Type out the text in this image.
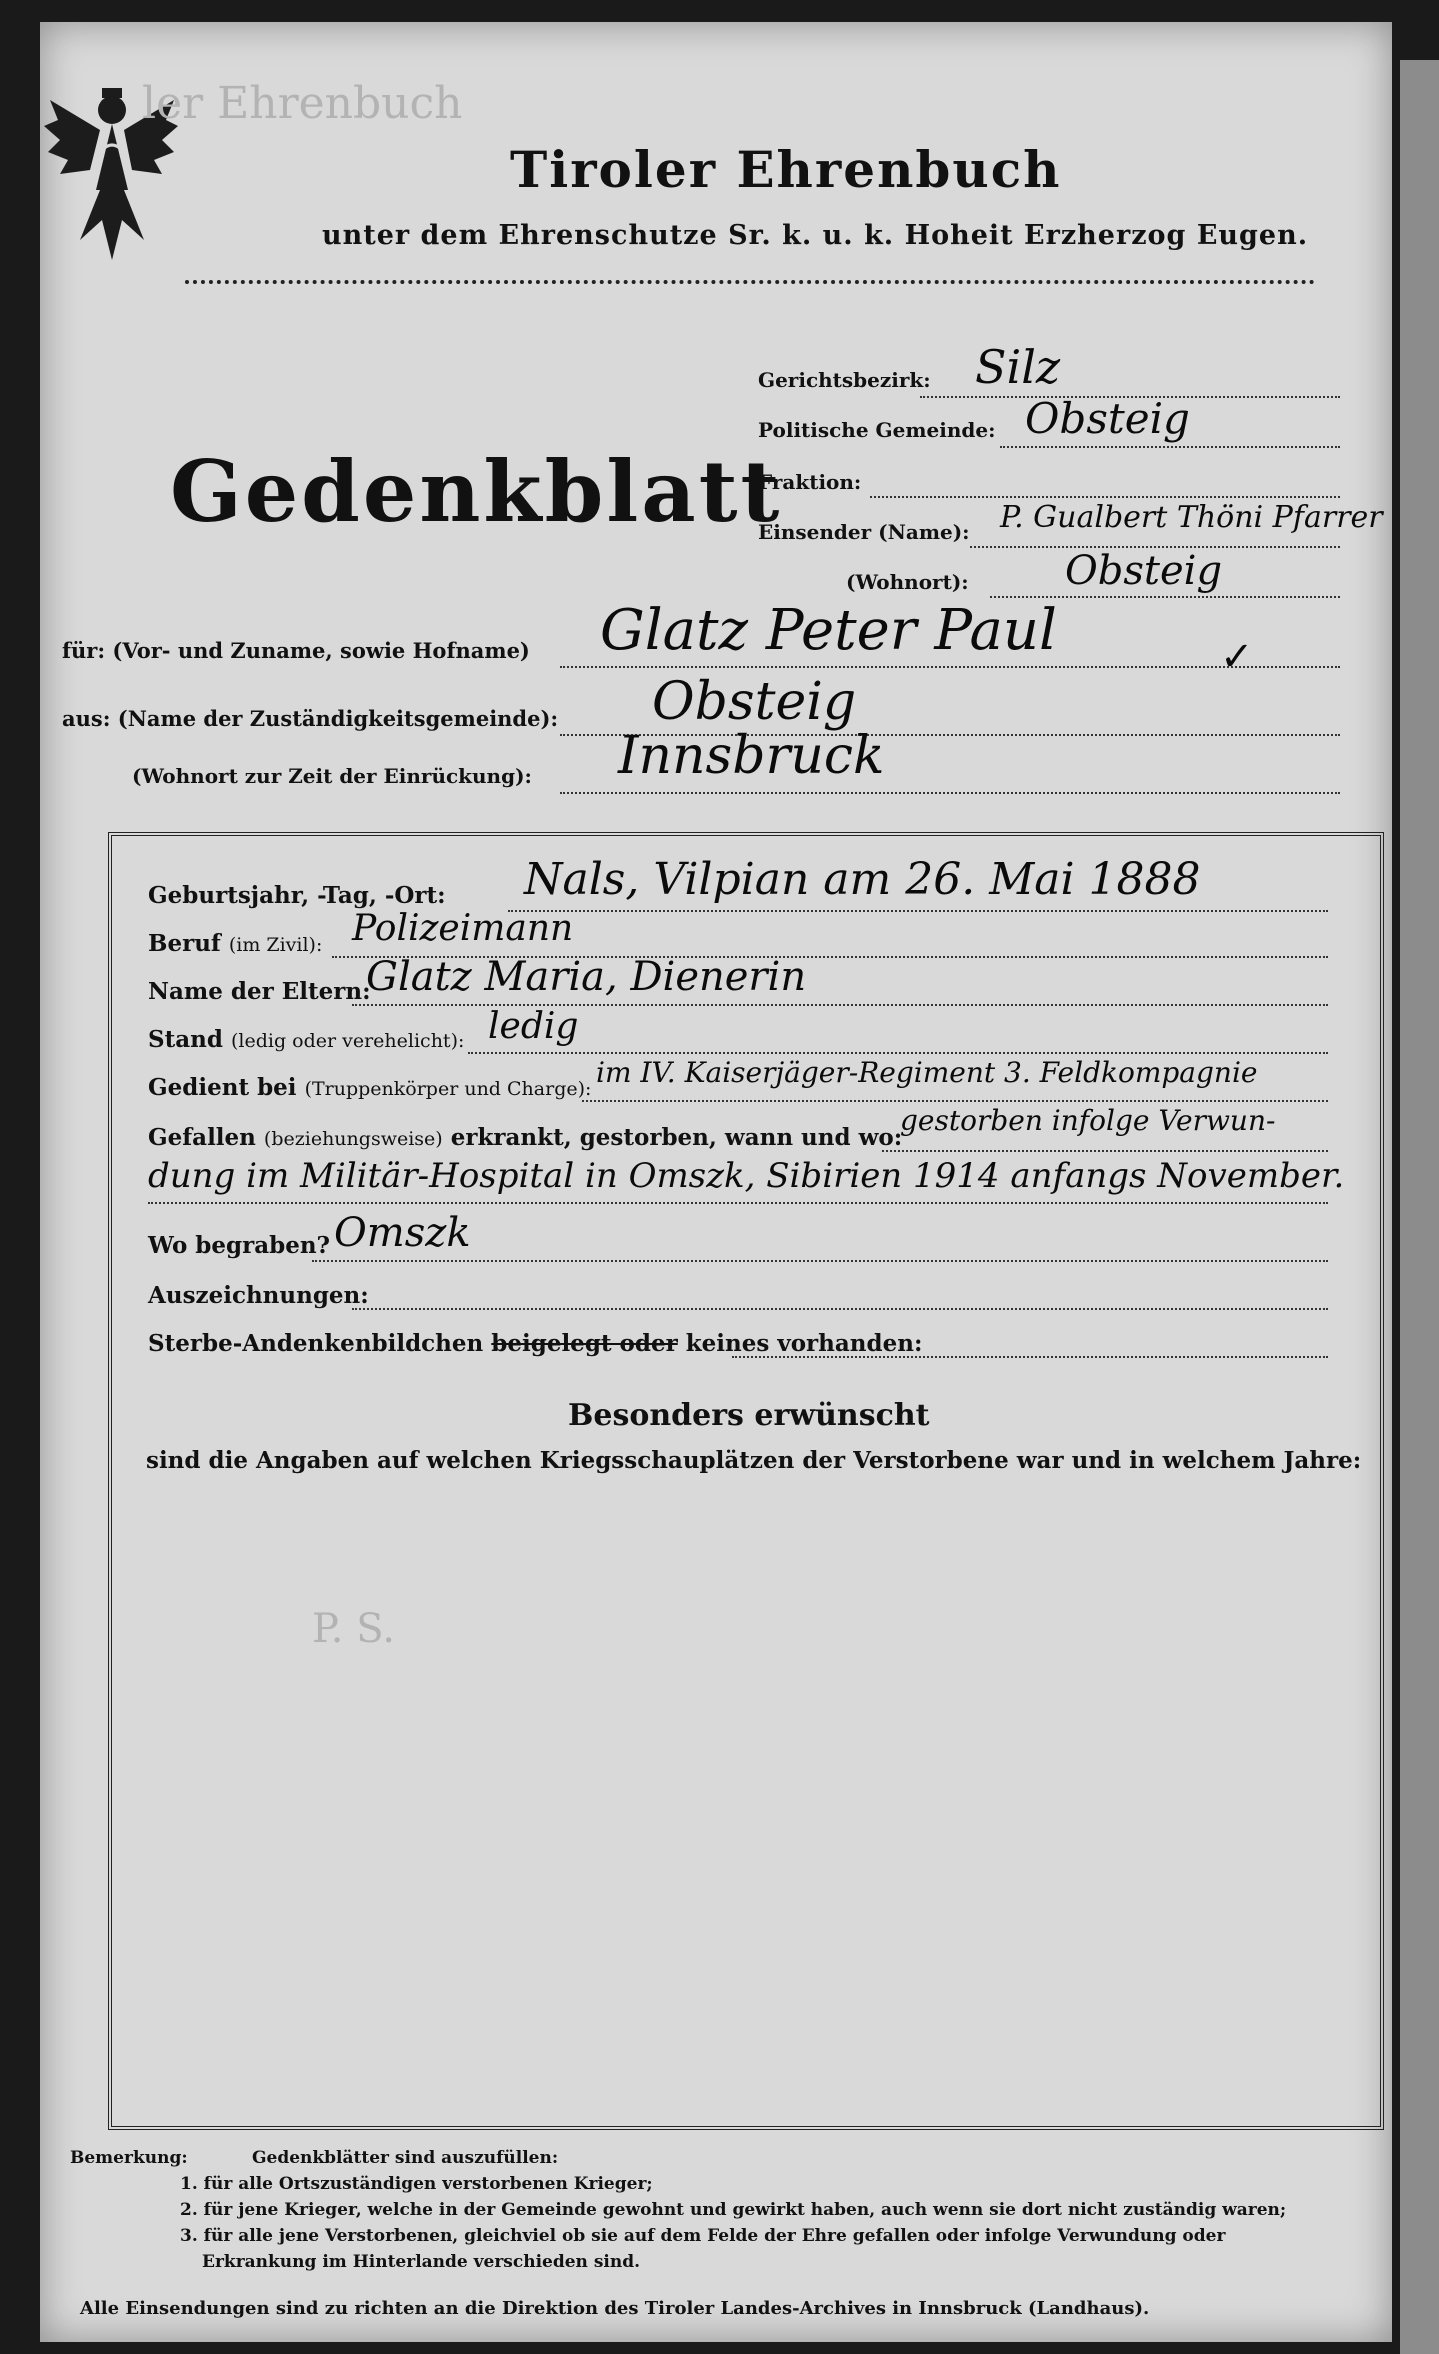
Tiroler Ehrenbuch
unter dem Ehrenschutze Sr. k. u. k. Hoheit Erzherzog Eugen.
ler Ehrenbuch
Gedenkblatt
Gerichtsbezirk: Silz
Politische Gemeinde: Obsteig
Fraktion:
Einsender (Name): P. Gualbert Thöni Pfarrer
(Wohnort): Obsteig
für: (Vor- und Zuname, sowie Hofname) Glatz Peter Paul	✓
aus: (Name der Zuständigkeitsgemeinde): Obsteig
(Wohnort zur Zeit der Einrückung): Innsbruck
Geburtsjahr, -Tag, -Ort: Nals, Vilpian am 26. Mai 1888
Beruf (im Zivil): Polizeimann
Name der Eltern:
Glatz Maria, Dienerin
Stand (ledig oder verehelicht): ledig
Gedient bei (Truppenkörper und Charge): im IV. Kaiserjäger-Regiment 3. Feldkompagnie
Gefallen (beziehungsweise) erkrankt, gestorben, wann und wo:
gestorben infolge Verwun-
dung im Militär-Hospital in Omszk, Sibirien 1914 anfangs November.
Wo begraben? Omszk
Auszeichnungen:
Sterbe-Andenkenbildchen beigelegt oder keines vorhanden:
P. S.
Besonders erwünscht
sind die Angaben auf welchen Kriegsschauplätzen der Verstorbene war und in welchem Jahre:
Bemerkung:	Gedenkblätter sind auszufüllen:
1. für alle Ortszuständigen verstorbenen Krieger;
2. für jene Krieger, welche in der Gemeinde gewohnt und gewirkt haben, auch wenn sie dort nicht zuständig waren;
3. für alle jene Verstorbenen, gleichviel ob sie auf dem Felde der Ehre gefallen oder infolge Verwundung oder
Erkrankung im Hinterlande verschieden sind.
Alle Einsendungen sind zu richten an die Direktion des Tiroler Landes-Archives in Innsbruck (Landhaus).
